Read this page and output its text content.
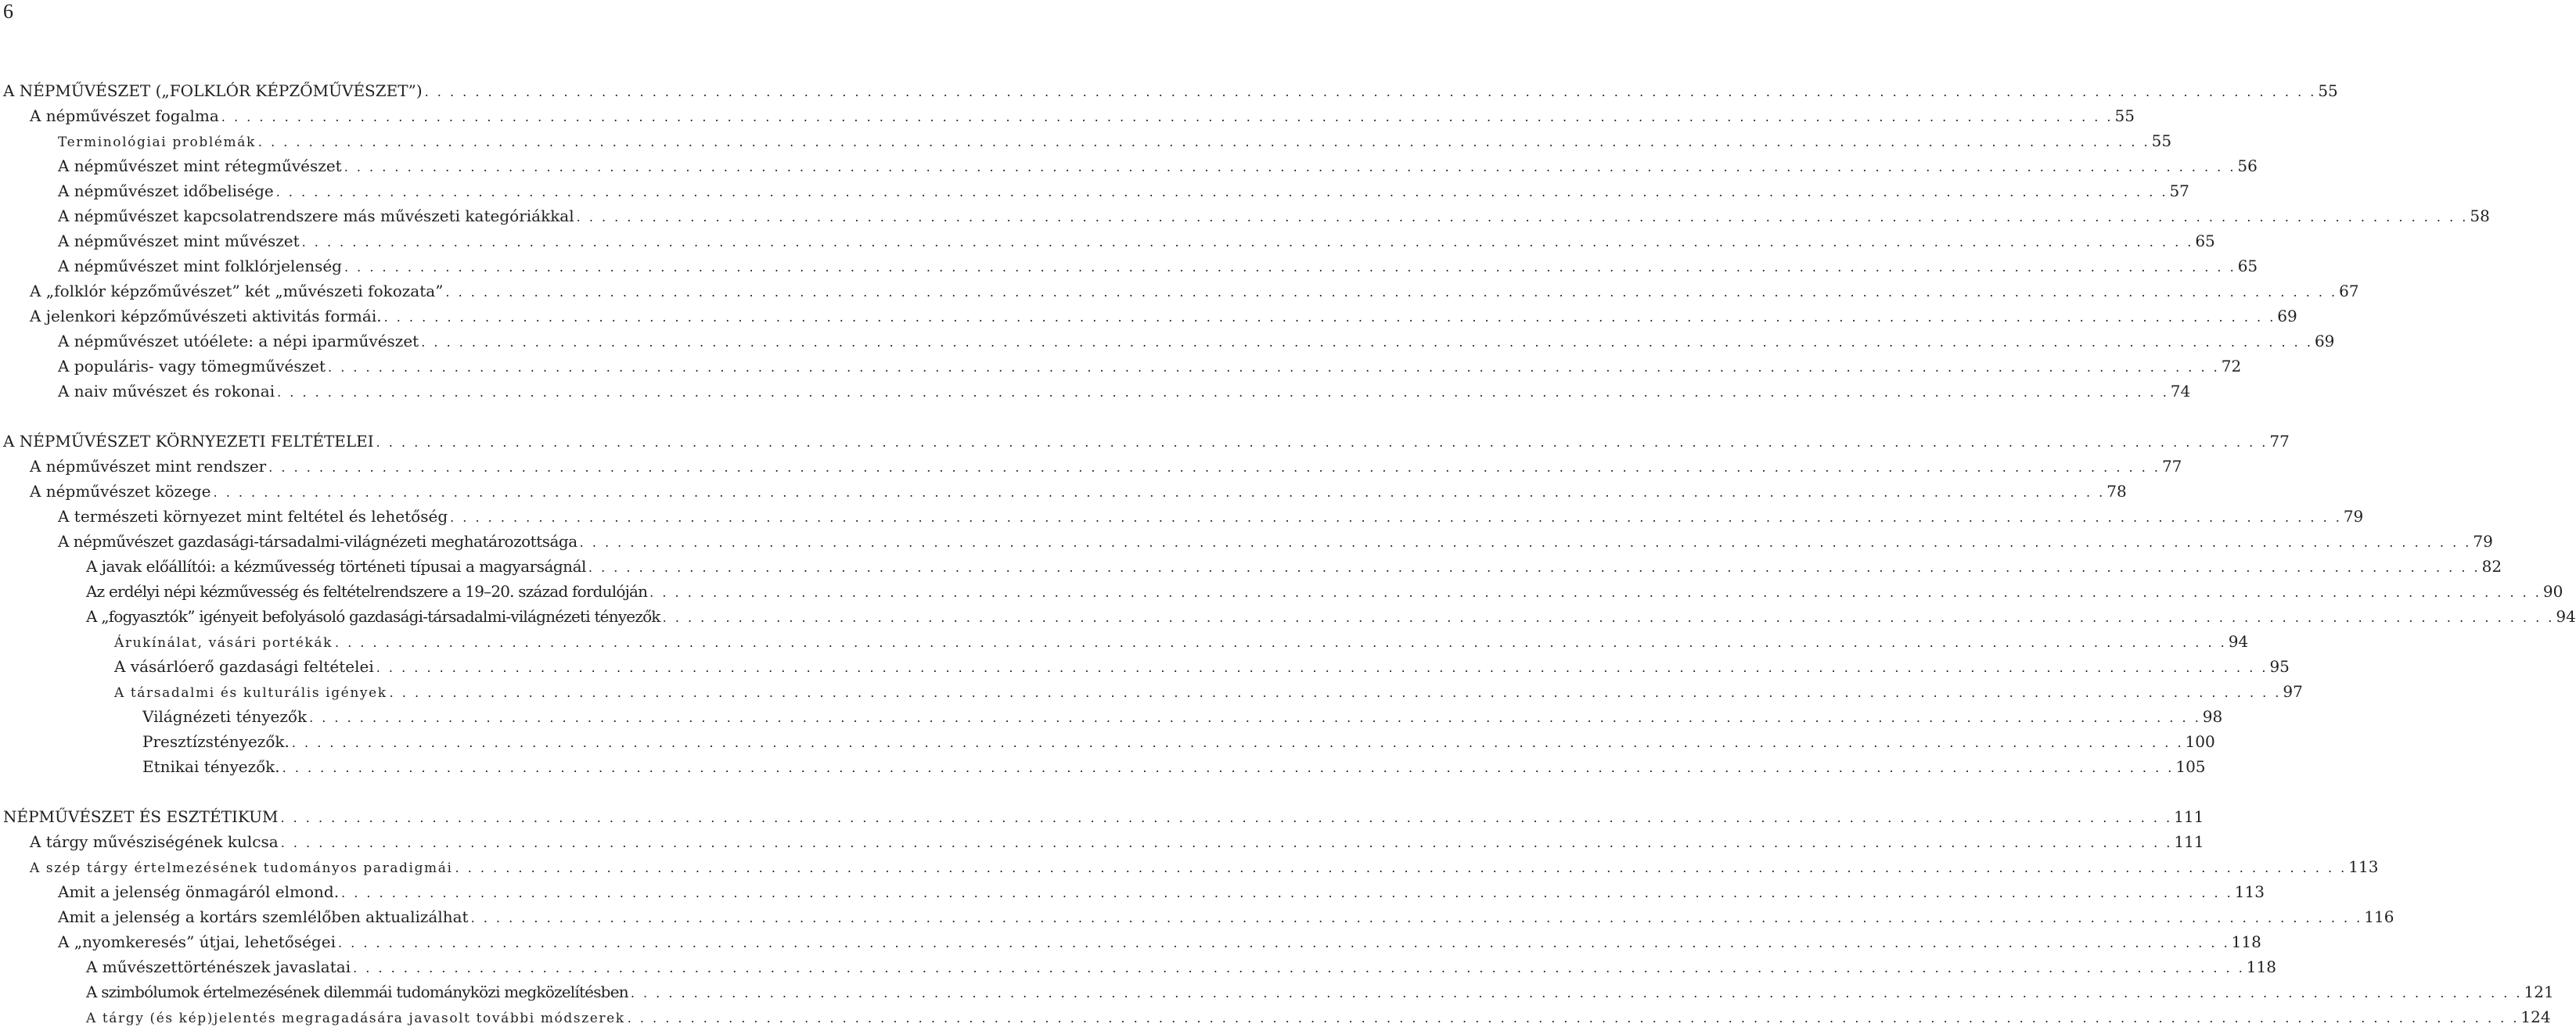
6
A NÉPMŰVÉSZET („FOLKLÓR KÉPZŐMŰVÉSZET”) . . .	55
A népművészet fogalma . . .	55
Terminológiai problémák . . .	55
A népművészet mint rétegművészet . . .	56
A népművészet időbelisége . . .	57
A népművészet kapcsolatrendszere más művészeti kategóriákkal . . .	58
A népművészet mint művészet . . .	65
A népművészet mint folklórjelenség . . .	65
A „folklór képzőművészet” két „művészeti fokozata” . . .	67
A jelenkori képzőművészeti aktivitás formái. . . .	69
A népművészet utóélete: a népi iparművészet . . .	69
A populáris- vagy tömegművészet . . .	72
A naiv művészet és rokonai . . .	74
A NÉPMŰVÉSZET KÖRNYEZETI FELTÉTELEI . . .	77
A népművészet mint rendszer . . .	77
A népművészet közege . . .	78
A természeti környezet mint feltétel és lehetőség . . .	79
A népművészet gazdasági-társadalmi-világnézeti meghatározottsága . . .	79
A javak előállítói: a kézművesség történeti típusai a magyarságnál . . .	82
Az erdélyi népi kézművesség és feltételrendszere a 19–20. század fordulóján . . .	90
A „fogyasztók” igényeit befolyásoló gazdasági-társadalmi-világnézeti tényezők . . .	94
Árukínálat, vásári portékák . . .	94
A vásárlóerő gazdasági feltételei . . .	95
A társadalmi és kulturális igények . . .	97
Világnézeti tényezők . . .	98
Presztízstényezők. . . .	100
Etnikai tényezők. . . .	105
NÉPMŰVÉSZET ÉS ESZTÉTIKUM . . .	111
A tárgy művésziségének kulcsa . . .	111
A szép tárgy értelmezésének tudományos paradigmái . . .	113
Amit a jelenség önmagáról elmond. . . .	113
Amit a jelenség a kortárs szemlélőben aktualizálhat . . .	116
A „nyomkeresés” útjai, lehetőségei . . .	118
A művészettörténészek javaslatai . . .	118
A szimbólumok értelmezésének dilemmái tudományközi megközelítésben . . .	121
A tárgy (és kép)jelentés megragadására javasolt további módszerek . . .	124
